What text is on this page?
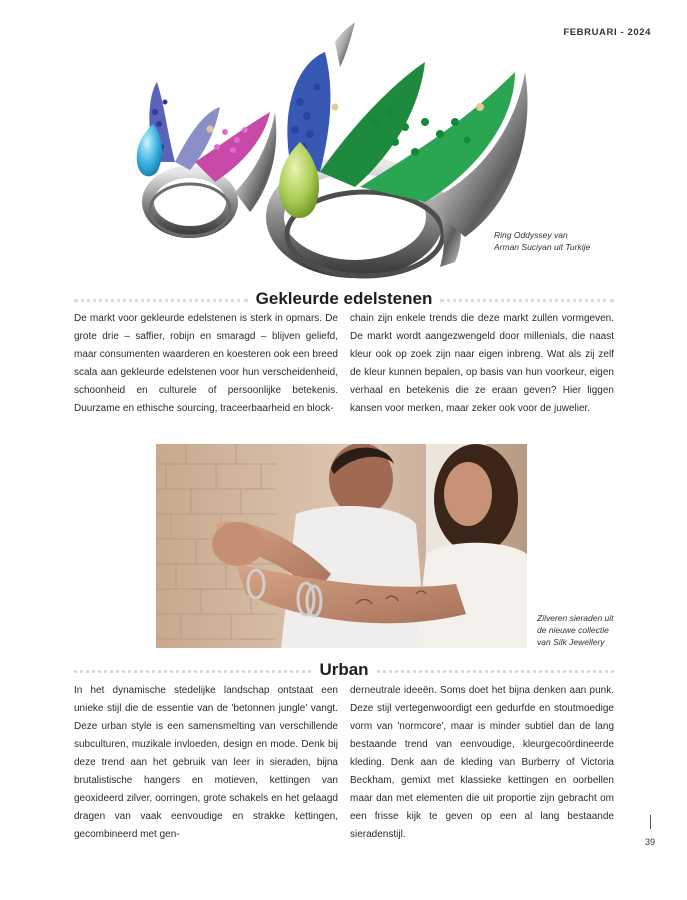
FEBRUARI - 2024
Ring Oddyssey van
Arman Suciyan uit Turkije
Gekleurde edelstenen

De markt voor gekleurde edelstenen is sterk in opmars. De grote drie – saffier, robijn en smaragd – blijven geliefd, maar consumenten waarderen en koesteren ook een breed scala aan gekleurde edelstenen voor hun verscheidenheid, schoonheid en culturele of persoonlijke betekenis. Duurzame en ethische sourcing, traceerbaarheid en block-

chain zijn enkele trends die deze markt zullen vormgeven. De markt wordt aangezwengeld door millenials, die naast kleur ook op zoek zijn naar eigen inbreng. Wat als zij zelf de kleur kunnen bepalen, op basis van hun voorkeur, eigen verhaal en betekenis die ze eraan geven? Hier liggen kansen voor merken, maar zeker ook voor de juwelier.

Zilveren sieraden uit
de nieuwe collectie
van Silk Jewellery
Urban

In het dynamische stedelijke landschap ontstaat een unieke stijl die de essentie van de 'betonnen jungle' vangt. Deze urban style is een samensmelting van verschillende subculturen, muzikale invloeden, design en mode. Denk bij deze trend aan het gebruik van leer in sieraden, bijna brutalistische hangers en motieven, kettingen van geoxideerd zilver, oorringen, grote schakels en het gelaagd dragen van vaak eenvoudige en strakke kettingen, gecombineerd met gen-

derneutrale ideeën. Soms doet het bijna denken aan punk. Deze stijl vertegenwoordigt een gedurfde en stoutmoedige vorm van 'normcore', maar is minder subtiel dan de lang bestaande trend van eenvoudige, kleurgecoördineerde kleding. Denk aan de kleding van Burberry of Victoria Beckham, gemixt met klassieke kettingen en oorbellen maar dan met elementen die uit proportie zijn gebracht om een frisse kijk te geven op een al lang bestaande sieradenstijl.

39
